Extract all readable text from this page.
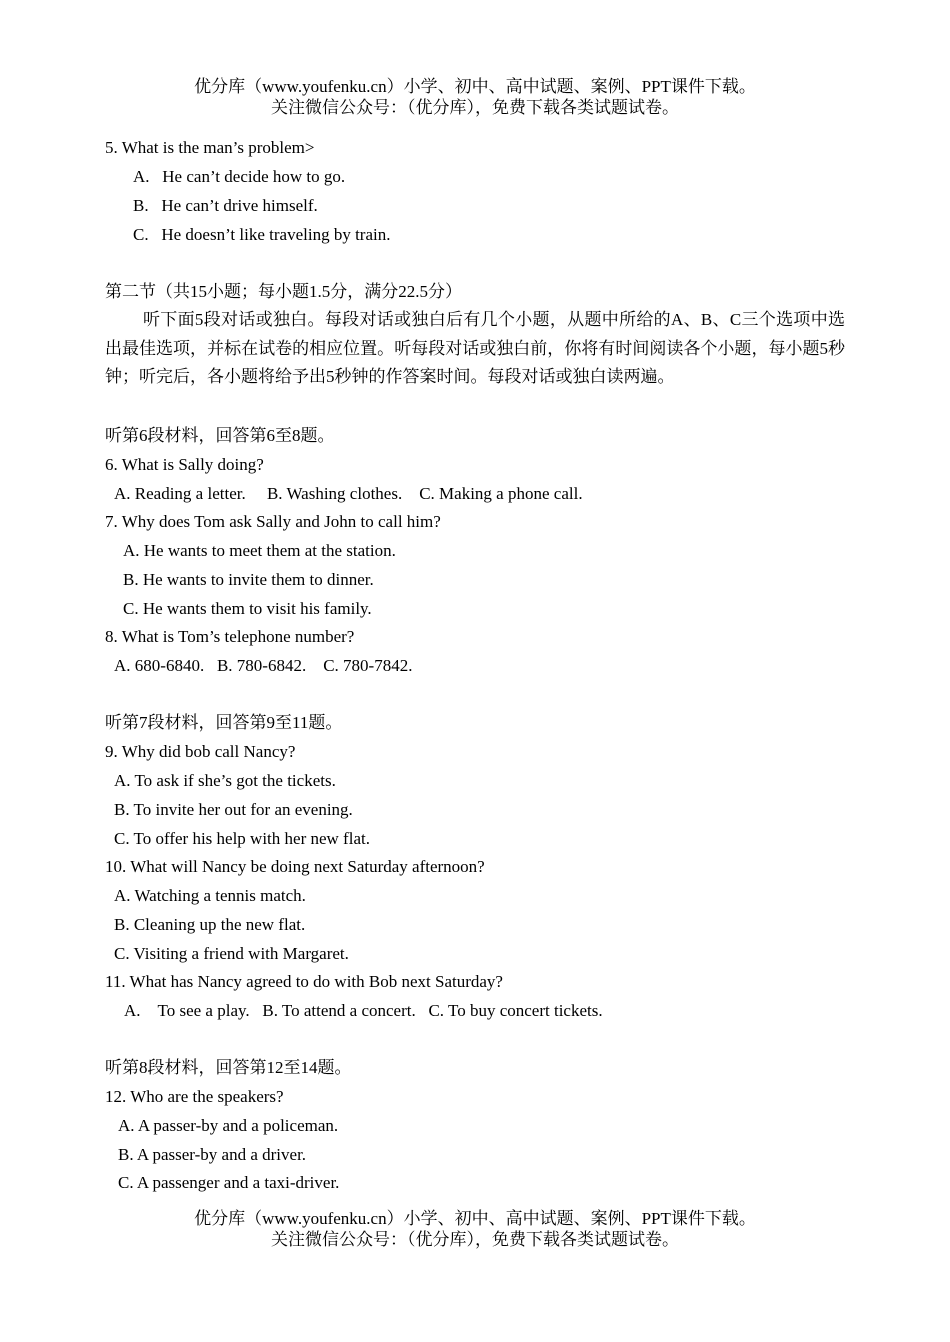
优分库（www.youfenku.cn）小学、初中、高中试题、案例、PPT课件下载。
关注微信公众号：（优分库），免费下载各类试题试卷。
5. What is the man’s problem>
A.   He can’t decide how to go.
B.   He can’t drive himself.
C.   He doesn’t like traveling by train.
第二节（共15小题；每小题1.5分，满分22.5分）
听下面5段对话或独白。每段对话或独白后有几个小题，从题中所给的A、B、C三个选项中选出最佳选项，并标在试卷的相应位置。听每段对话或独白前，你将有时间阅读各个小题，每小题5秒钟；听完后，各小题将给予出5秒钟的作答案时间。每段对话或独白读两遍。
听第6段材料，回答第6至8题。
6. What is Sally doing?
A. Reading a letter.     B. Washing clothes.    C. Making a phone call.
7. Why does Tom ask Sally and John to call him?
A. He wants to meet them at the station.
B. He wants to invite them to dinner.
C. He wants them to visit his family.
8. What is Tom’s telephone number?
A. 680-6840.   B. 780-6842.    C. 780-7842.
听第7段材料，回答第9至11题。
9. Why did bob call Nancy?
A. To ask if she’s got the tickets.
B. To invite her out for an evening.
C. To offer his help with her new flat.
10. What will Nancy be doing next Saturday afternoon?
A. Watching a tennis match.
B. Cleaning up the new flat.
C. Visiting a friend with Margaret.
11. What has Nancy agreed to do with Bob next Saturday?
A.    To see a play.   B. To attend a concert.   C. To buy concert tickets.
听第8段材料，回答第12至14题。
12. Who are the speakers?
A. A passer-by and a policeman.
B. A passer-by and a driver.
C. A passenger and a taxi-driver.
优分库（www.youfenku.cn）小学、初中、高中试题、案例、PPT课件下载。
关注微信公众号：（优分库），免费下载各类试题试卷。
